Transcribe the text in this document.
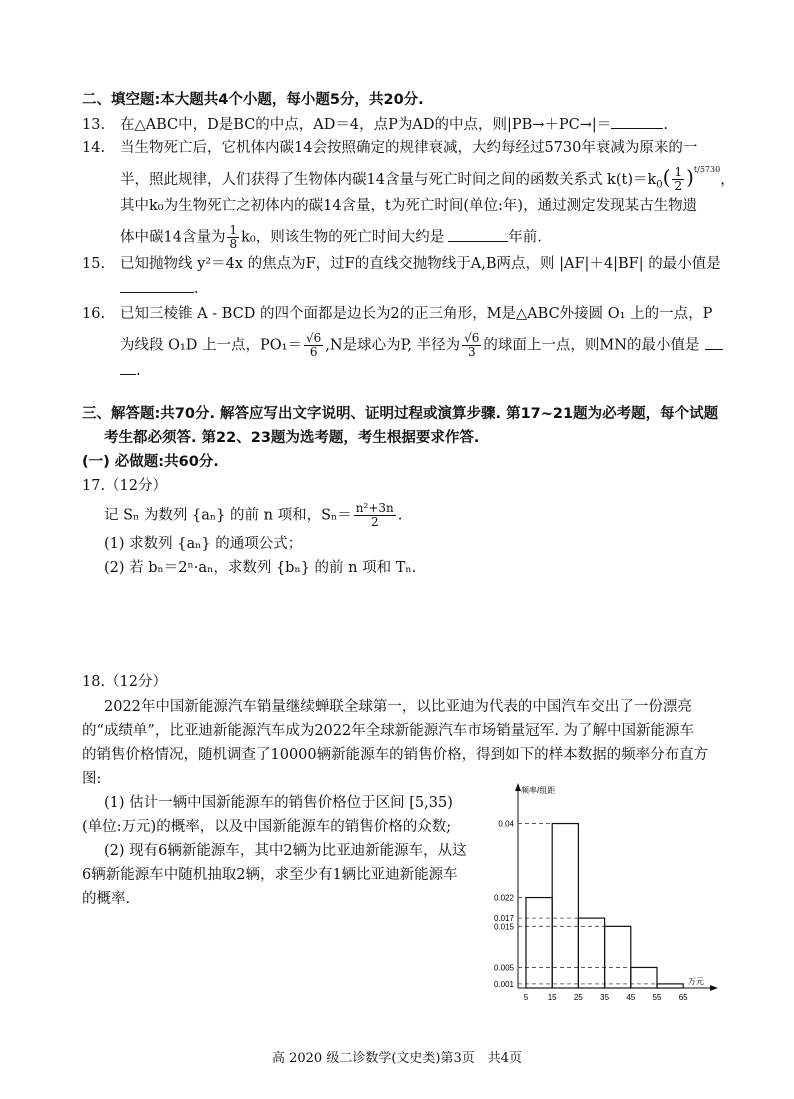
二、填空题:本大题共4个小题，每小题5分，共20分.
13. 在△ABC中，D是BC的中点，AD＝4，点P为AD的中点，则|PB→＋PC→|＝	.
14. 当生物死亡后，它机体内碳14会按照确定的规律衰减，大约每经过5730年衰减为原来的一
半，照此规律，人们获得了生物体内碳14含量与死亡时间之间的函数关系式 $k(t)=k_0( \frac{1}{2} )^{t/5730}$，
其中k₀为生物死亡之初体内的碳14含量，t为死亡时间(单位:年)，通过测定发现某古生物遗
体中碳14含量为 $\frac{1}{8} k_0$，则该生物的死亡时间大约是	年前.
15. 已知抛物线 y²＝4x 的焦点为F，过F的直线交抛物线于A,B两点，则 |AF|＋4|BF| 的最小值是
.
16. 已知三棱锥 A - BCD 的四个面都是边长为2的正三角形，M是△ABC外接圆 O₁ 上的一点，P
为线段 O₁D 上一点，$PO_1= \frac{√6}{6} ,N$是球心为P, 半径为 $\frac{√6}{3}$ 的球面上一点，则MN的最小值是
.
三、解答题:共70分. 解答应写出文字说明、证明过程或演算步骤. 第17~21题为必考题，每个试题
考生都必须答. 第22、23题为选考题，考生根据要求作答.
(一) 必做题:共60分.
17.（12分）
记 Sₙ 为数列 {aₙ} 的前 n 项和，$S_n= \frac{\text{n²+3n}}{2}$ .
(1) 求数列 {aₙ} 的通项公式；
(2) 若 bₙ＝2ⁿ·aₙ，求数列 {bₙ} 的前 n 项和 Tₙ.
18.（12分）
2022年中国新能源汽车销量继续蝉联全球第一，以比亚迪为代表的中国汽车交出了一份漂亮
的“成绩单”，比亚迪新能源汽车成为2022年全球新能源汽车市场销量冠军. 为了解中国新能源车
的销售价格情况，随机调查了10000辆新能源车的销售价格，得到如下的样本数据的频率分布直方
图:
(1) 估计一辆中国新能源车的销售价格位于区间 [5,35)
(单位:万元)的概率，以及中国新能源车的销售价格的众数;
(2) 现有6辆新能源车，其中2辆为比亚迪新能源车，从这
6辆新能源车中随机抽取2辆，求至少有1辆比亚迪新能源车
的概率.
频率/组距
万元
0.04
0.022
0.017
0.015
0.005
0.001
5 15 25 35 45 55 65
高 2020 级二诊数学(文史类)第3页　共4页
